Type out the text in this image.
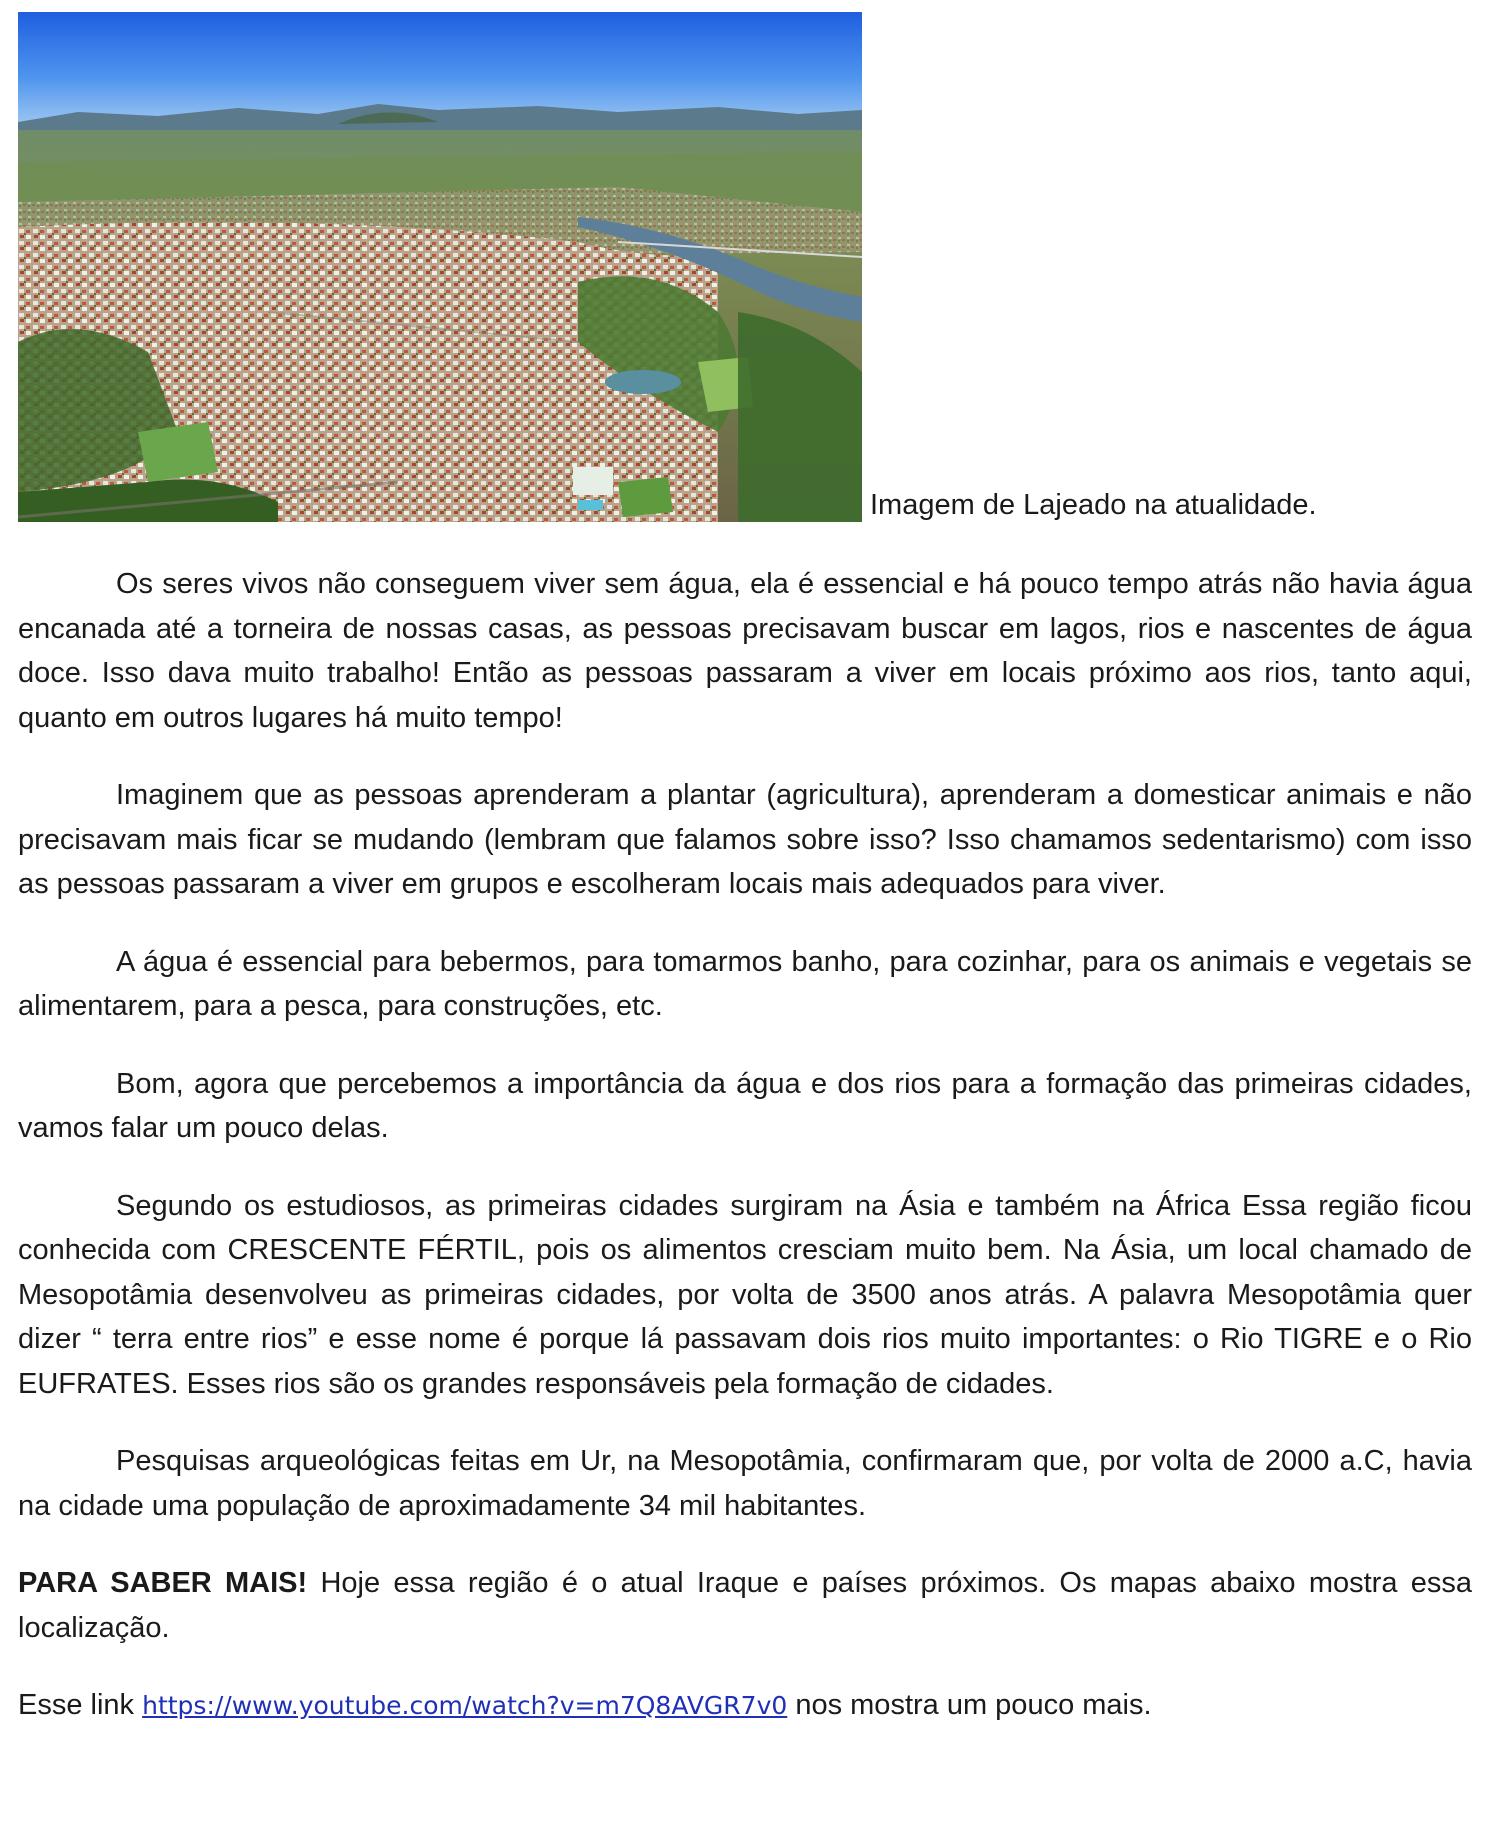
Imagem de Lajeado na atualidade.

Os seres vivos não conseguem viver sem água, ela é essencial e há pouco tempo atrás não havia água encanada até a torneira de nossas casas, as pessoas precisavam buscar em lagos, rios e nascentes de água doce. Isso dava muito trabalho! Então as pessoas passaram a viver em locais próximo aos rios, tanto aqui, quanto em outros lugares há muito tempo!

Imaginem que as pessoas aprenderam a plantar (agricultura), aprenderam a domesticar animais e não precisavam mais ficar se mudando (lembram que falamos sobre isso? Isso chamamos sedentarismo) com isso as pessoas passaram a viver em grupos e escolheram locais mais adequados para viver.

A água é essencial para bebermos, para tomarmos banho, para cozinhar, para os animais e vegetais se alimentarem, para a pesca, para construções, etc.

Bom, agora que percebemos a importância da água e dos rios para a formação das primeiras cidades, vamos falar um pouco delas.

Segundo os estudiosos, as primeiras cidades surgiram na Ásia e também na África Essa região ficou conhecida com CRESCENTE FÉRTIL, pois os alimentos cresciam muito bem. Na Ásia, um local chamado de Mesopotâmia desenvolveu as primeiras cidades, por volta de 3500 anos atrás. A palavra Mesopotâmia quer dizer “ terra entre rios” e esse nome é porque lá passavam dois rios muito importantes: o Rio TIGRE e o Rio EUFRATES. Esses rios são os grandes responsáveis pela formação de cidades.

Pesquisas arqueológicas feitas em Ur, na Mesopotâmia, confirmaram que, por volta de 2000 a.C, havia na cidade uma população de aproximadamente 34 mil habitantes.

PARA SABER MAIS! Hoje essa região é o atual Iraque e países próximos. Os mapas abaixo mostra essa localização.

Esse link https://www.youtube.com/watch?v=m7Q8AVGR7v0 nos mostra um pouco mais.
